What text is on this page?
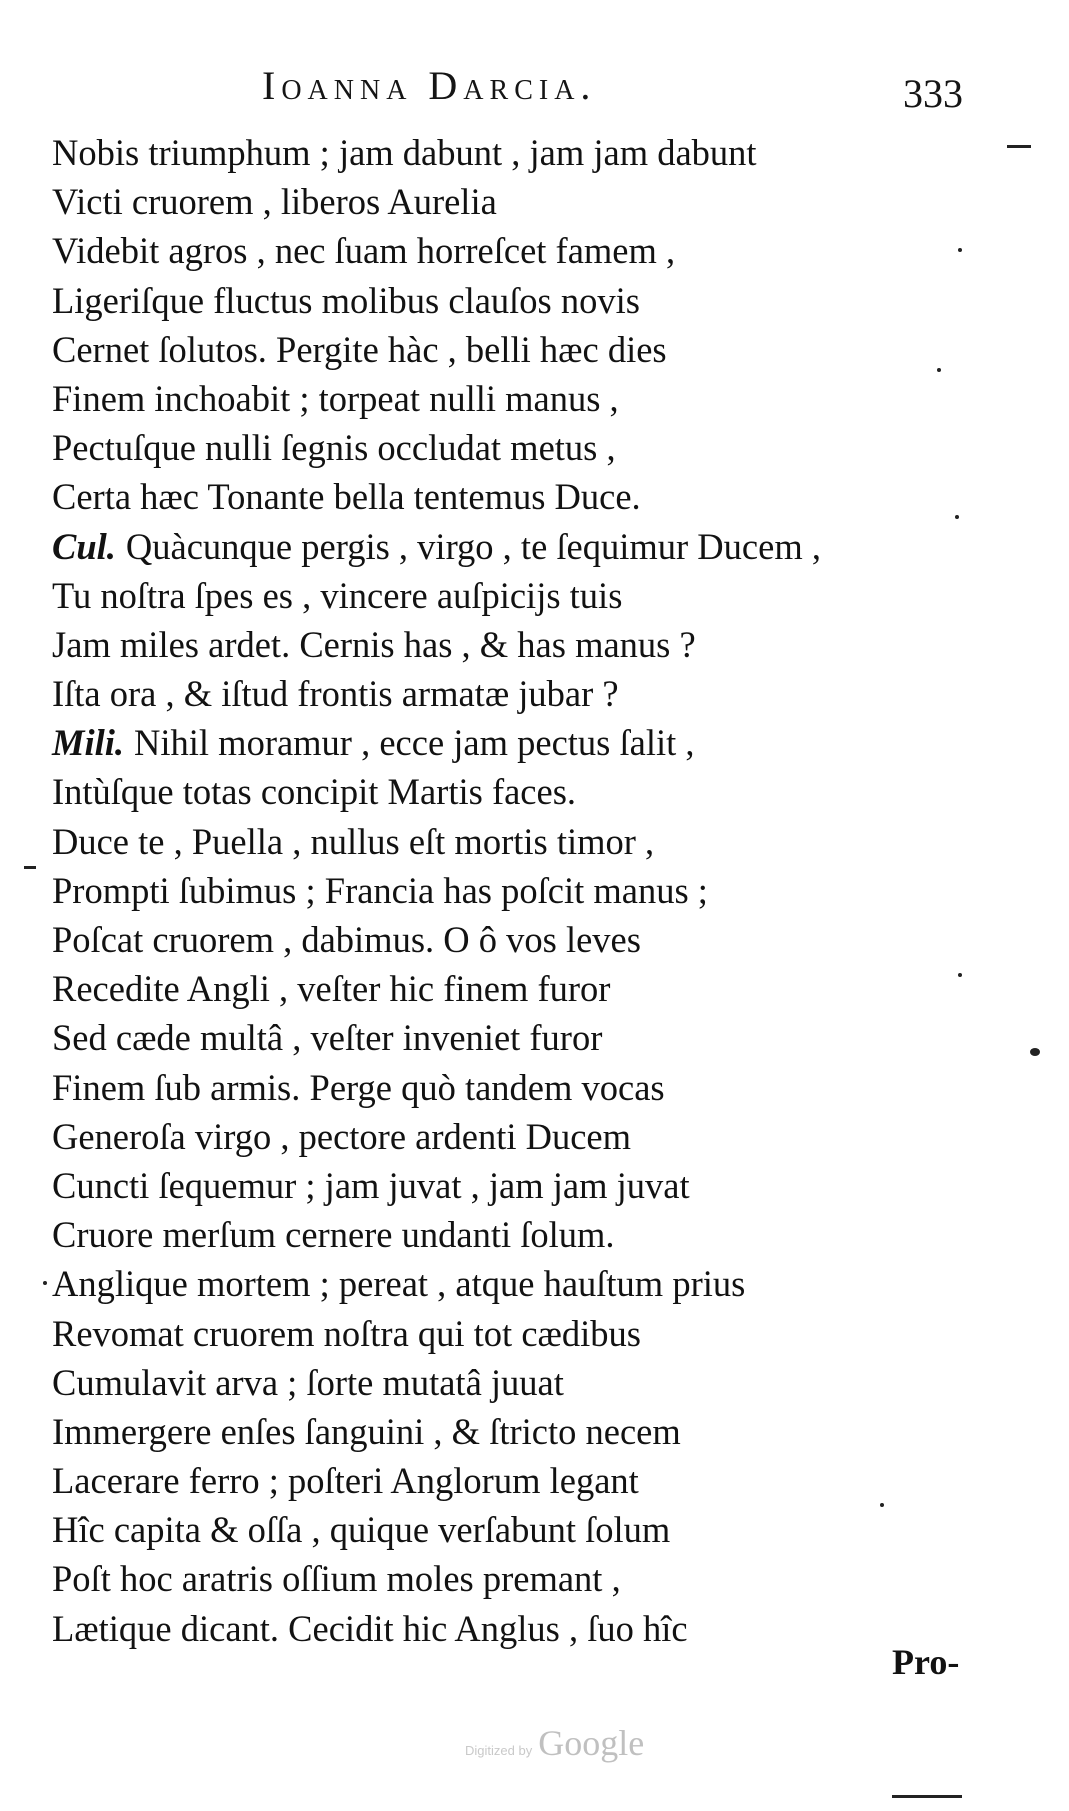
Ioanna Darcia.	333
Nobis triumphum ; jam dabunt , jam jam dabunt
Victi cruorem , liberos Aurelia
Videbit agros , nec ſuam horreſcet famem ,
Ligeriſque fluctus molibus clauſos novis
Cernet ſolutos. Pergite hàc , belli hæc dies
Finem inchoabit ; torpeat nulli manus ,
Pectuſque nulli ſegnis occludat metus ,
Certa hæc Tonante bella tentemus Duce.
Cul. Quàcunque pergis , virgo , te ſequimur Ducem ,
Tu noſtra ſpes es , vincere auſpicijs tuis
Jam miles ardet. Cernis has , & has manus ?
Iſta ora , & iſtud frontis armatæ jubar ?
Mili. Nihil moramur , ecce jam pectus ſalit ,
Intùſque totas concipit Martis faces.
Duce te , Puella , nullus eſt mortis timor ,
Prompti ſubimus ; Francia has poſcit manus ;
Poſcat cruorem , dabimus. O ô vos leves
Recedite Angli , veſter hic finem furor
Sed cæde multâ , veſter inveniet furor
Finem ſub armis. Perge quò tandem vocas
Generoſa virgo , pectore ardenti Ducem
Cuncti ſequemur ; jam juvat , jam jam juvat
Cruore merſum cernere undanti ſolum.
Anglique mortem ; pereat , atque hauſtum prius
Revomat cruorem noſtra qui tot cædibus
Cumulavit arva ; ſorte mutatâ juuat
Immergere enſes ſanguini , & ſtricto necem
Lacerare ferro ; poſteri Anglorum legant
Hîc capita & oſſa , quique verſabunt ſolum
Poſt hoc aratris oſſium moles premant ,
Lætique dicant. Cecidit hic Anglus , ſuo hîc
Pro-
Digitized by Google
